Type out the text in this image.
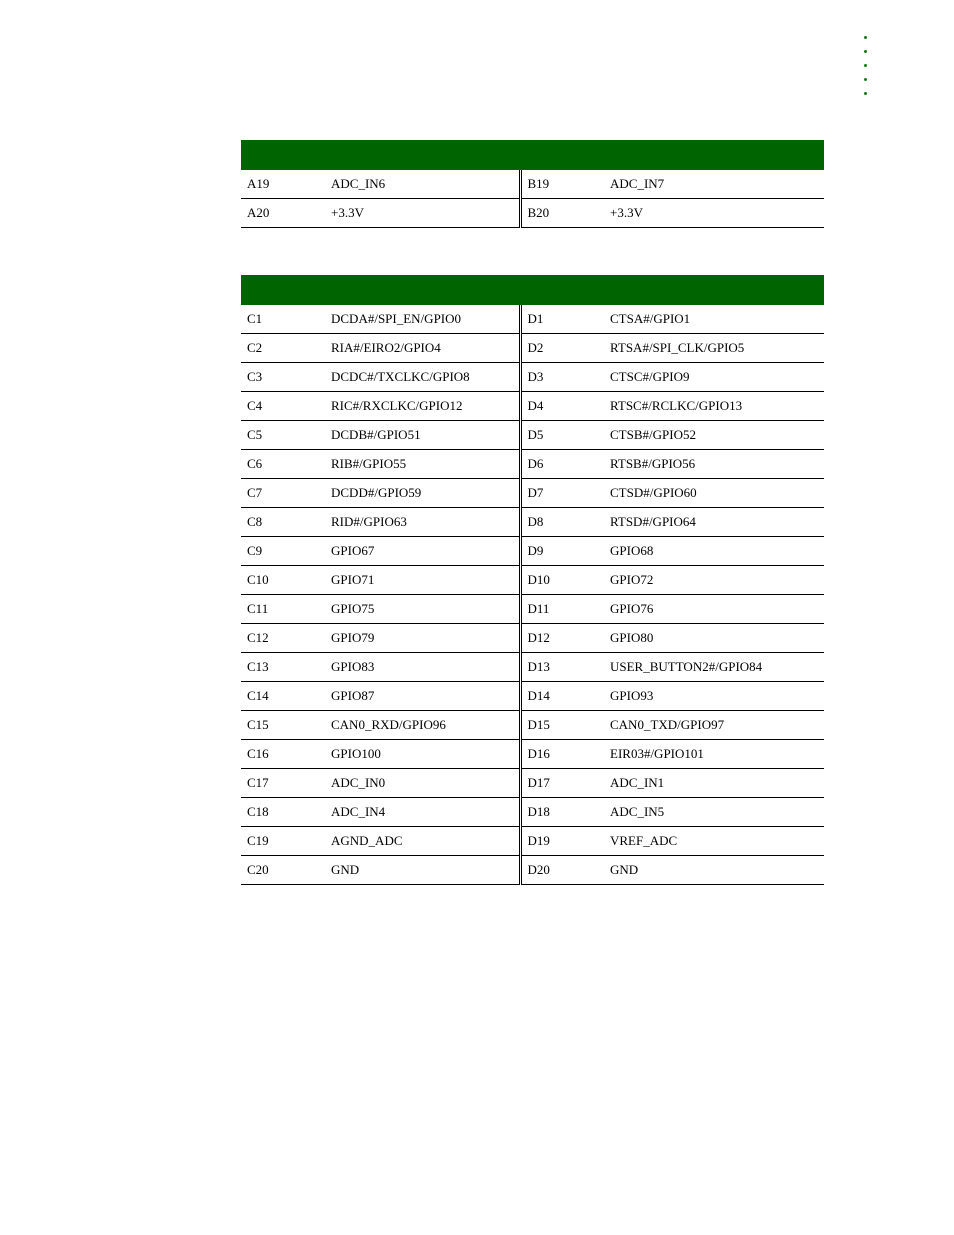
A19	ADC_IN6	B19	ADC_IN7
A20	+3.3V	B20	+3.3V

C1	DCDA#/SPI_EN/GPIO0	D1	CTSA#/GPIO1
C2	RIA#/EIRO2/GPIO4	D2	RTSA#/SPI_CLK/GPIO5
C3	DCDC#/TXCLKC/GPIO8	D3	CTSC#/GPIO9
C4	RIC#/RXCLKC/GPIO12	D4	RTSC#/RCLKC/GPIO13
C5	DCDB#/GPIO51	D5	CTSB#/GPIO52
C6	RIB#/GPIO55	D6	RTSB#/GPIO56
C7	DCDD#/GPIO59	D7	CTSD#/GPIO60
C8	RID#/GPIO63	D8	RTSD#/GPIO64
C9	GPIO67	D9	GPIO68
C10	GPIO71	D10	GPIO72
C11	GPIO75	D11	GPIO76
C12	GPIO79	D12	GPIO80
C13	GPIO83	D13	USER_BUTTON2#/GPIO84
C14	GPIO87	D14	GPIO93
C15	CAN0_RXD/GPIO96	D15	CAN0_TXD/GPIO97
C16	GPIO100	D16	EIR03#/GPIO101
C17	ADC_IN0	D17	ADC_IN1
C18	ADC_IN4	D18	ADC_IN5
C19	AGND_ADC	D19	VREF_ADC
C20	GND	D20	GND
